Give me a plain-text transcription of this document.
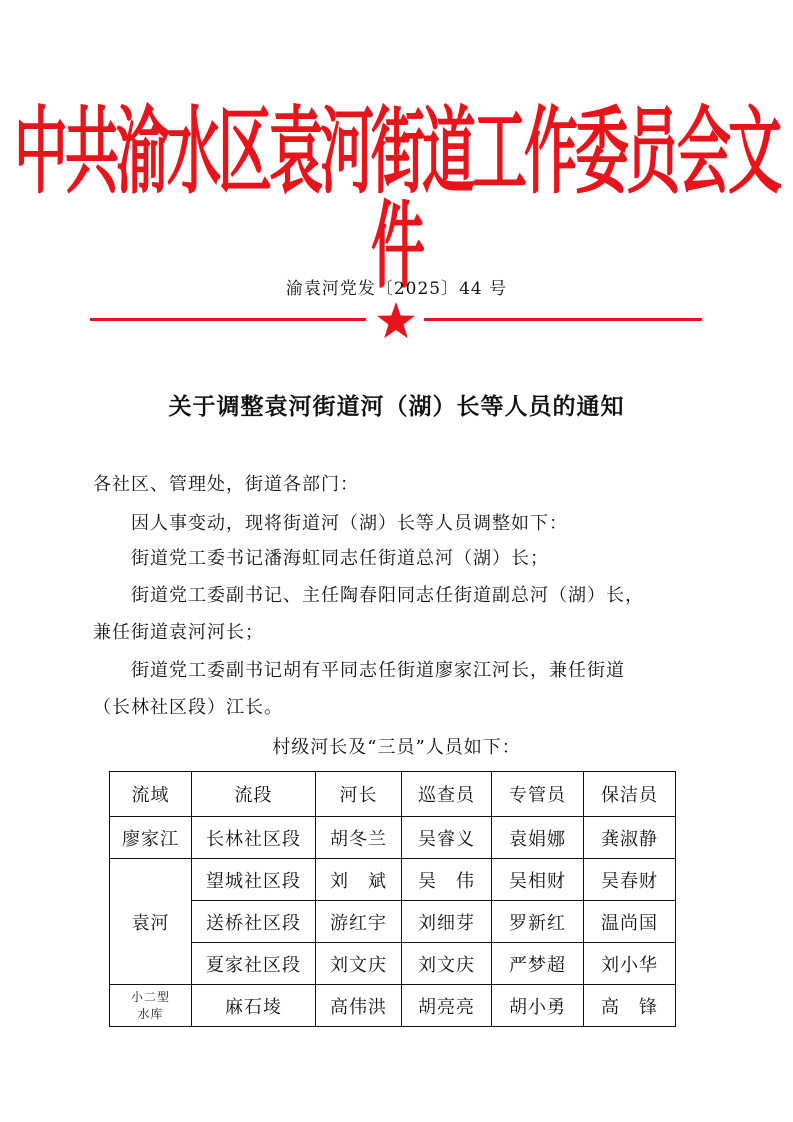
中共渝水区袁河街道工作委员会文件
渝袁河党发〔2025〕44 号
关于调整袁河街道河（湖）长等人员的通知
各社区、管理处，街道各部门：
因人事变动，现将街道河（湖）长等人员调整如下：
街道党工委书记潘海虹同志任街道总河（湖）长；
街道党工委副书记、主任陶春阳同志任街道副总河（湖）长，
兼任街道袁河河长；
街道党工委副书记胡有平同志任街道廖家江河长，兼任街道
（长林社区段）江长。
村级河长及“三员”人员如下：
流域	流段	河长	巡查员	专管员	保洁员
廖家江	长林社区段	胡冬兰	吴睿义	袁娟娜	龚淑静
袁河	望城社区段	刘　斌	吴　伟	吴相财	吴春财
	送桥社区段	游红宇	刘细芽	罗新红	温尚国
	夏家社区段	刘文庆	刘文庆	严梦超	刘小华

小二型
水库	麻石堎	高伟洪	胡亮亮	胡小勇	高　锋
